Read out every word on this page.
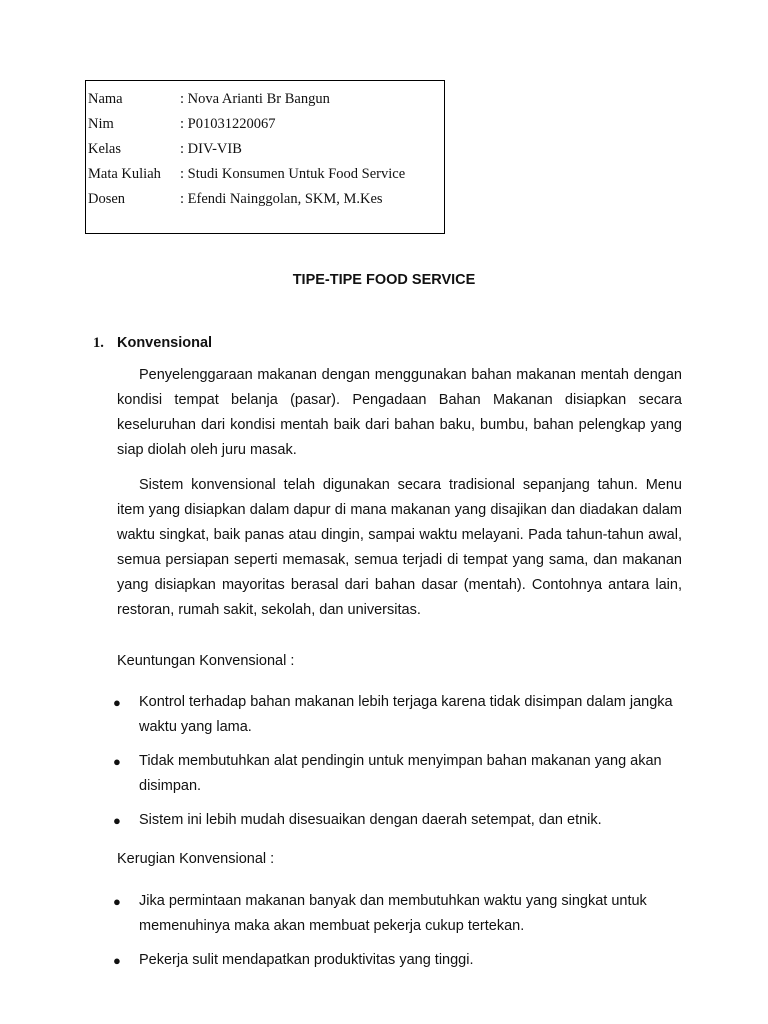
Nama	: Nova Arianti Br Bangun
Nim	: P01031220067
Kelas	: DIV-VIB
Mata Kuliah	: Studi Konsumen Untuk Food Service
Dosen	: Efendi Nainggolan, SKM, M.Kes
TIPE-TIPE FOOD SERVICE
1. Konvensional

Penyelenggaraan makanan dengan menggunakan bahan makanan mentah dengan kondisi tempat belanja (pasar). Pengadaan Bahan Makanan disiapkan secara keseluruhan dari kondisi mentah baik dari bahan baku, bumbu, bahan pelengkap yang siap diolah oleh juru masak.

Sistem konvensional telah digunakan secara tradisional sepanjang tahun. Menu item yang disiapkan dalam dapur di mana makanan yang disajikan dan diadakan dalam waktu singkat, baik panas atau dingin, sampai waktu melayani. Pada tahun-tahun awal, semua persiapan seperti memasak, semua terjadi di tempat yang sama, dan makanan yang disiapkan mayoritas berasal dari bahan dasar (mentah). Contohnya antara lain, restoran, rumah sakit, sekolah, dan universitas.

Keuntungan Konvensional :
● Kontrol terhadap bahan makanan lebih terjaga karena tidak disimpan dalam jangka waktu yang lama.
● Tidak membutuhkan alat pendingin untuk menyimpan bahan makanan yang akan disimpan.
● Sistem ini lebih mudah disesuaikan dengan daerah setempat, dan etnik.
Kerugian Konvensional :
● Jika permintaan makanan banyak dan membutuhkan waktu yang singkat untuk memenuhinya maka akan membuat pekerja cukup tertekan.
● Pekerja sulit mendapatkan produktivitas yang tinggi.
